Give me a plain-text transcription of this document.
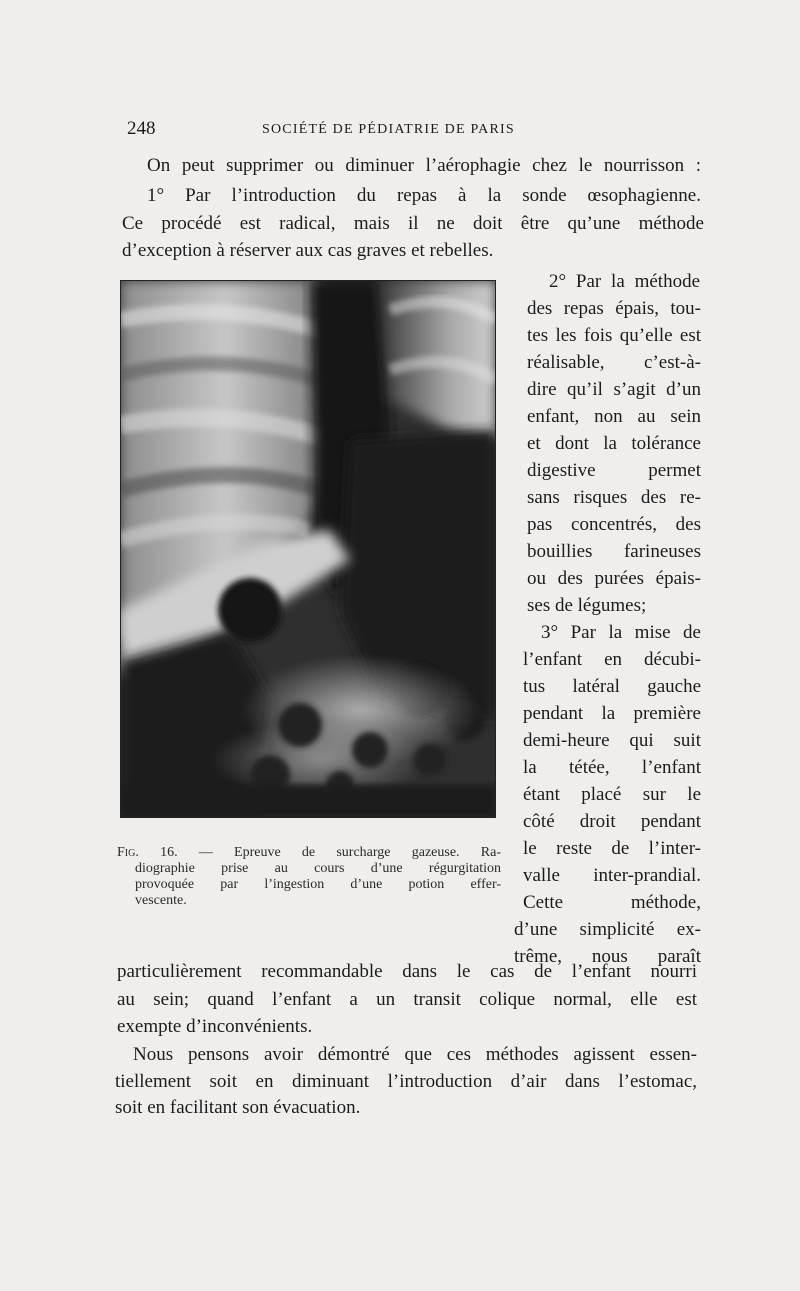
248	SOCIÉTÉ DE PÉDIATRIE DE PARIS
On peut supprimer ou diminuer l’aérophagie chez le nourrisson :
1° Par l’introduction du repas à la sonde œsophagienne.
Ce procédé est radical, mais il ne doit être qu’une méthode
d’exception à réserver aux cas graves et rebelles.
2° Par la méthode
des repas épais, tou-
tes les fois qu’elle est
réalisable, c’est-à-
dire qu’il s’agit d’un
enfant, non au sein
et dont la tolérance
digestive permet
sans risques des re-
pas concentrés, des
bouillies farineuses
ou des purées épais-
ses de légumes;
3° Par la mise de
l’enfant en décubi-
tus latéral gauche
pendant la première
demi-heure qui suit
la tétée, l’enfant
étant placé sur le
côté droit pendant
le reste de l’inter-
valle inter-prandial.
Cette méthode,
d’une simplicité ex-
trême, nous paraît
Fig. 16. — Epreuve de surcharge gazeuse. Ra-
diographie prise au cours d’une régurgitation
provoquée par l’ingestion d’une potion effer-
vescente.
particulièrement recommandable dans le cas de l’enfant nourri
au sein; quand l’enfant a un transit colique normal, elle est
exempte d’inconvénients.
Nous pensons avoir démontré que ces méthodes agissent essen-
tiellement soit en diminuant l’introduction d’air dans l’estomac,
soit en facilitant son évacuation.
